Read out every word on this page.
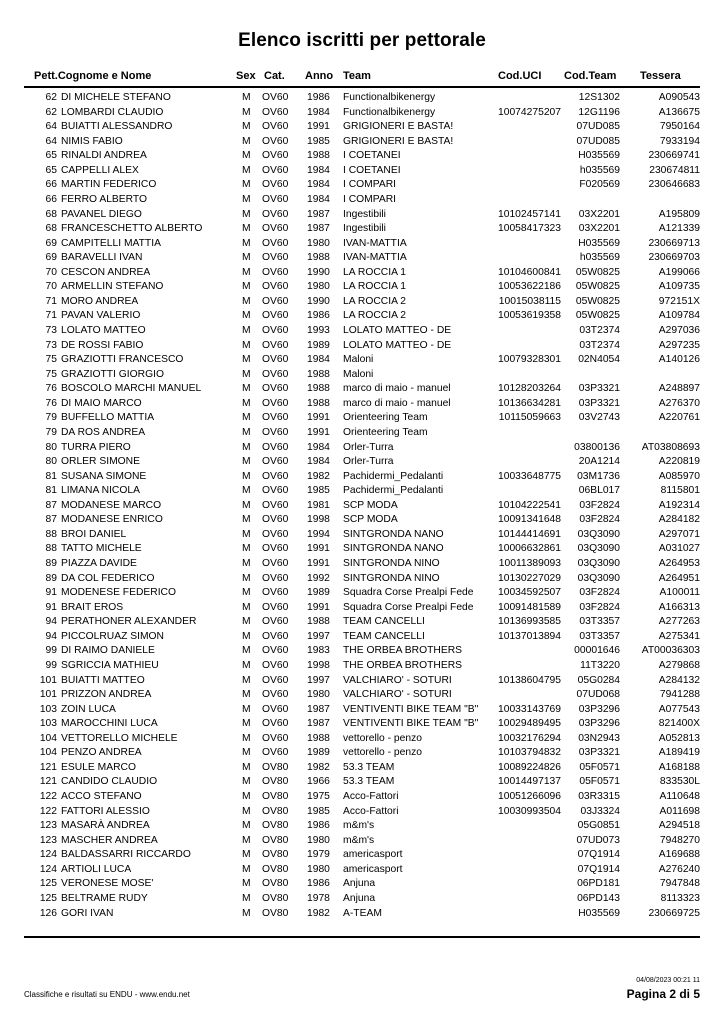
Elenco iscritti per pettorale
Pett.Cognome e Nome	Sex Cat. Anno Team	Cod.UCI Cod.Team Tessera
62 DI MICHELE STEFANO	M OV60 1986 Functionalbikenergy	12S1302	A090543
62 LOMBARDI CLAUDIO	M OV60 1984 Functionalbikenergy	10074275207 12G1196	A136675
64 BUIATTI ALESSANDRO	M OV60 1991 GRIGIONERI E BASTA!	07UD085	7950164
64 NIMIS FABIO	M OV60 1985 GRIGIONERI E BASTA!	07UD085	7933194
65 RINALDI ANDREA	M OV60 1988 I COETANEI	H035569	230669741
65 CAPPELLI ALEX	M OV60 1984 I COETANEI	h035569	230674811
66 MARTIN FEDERICO	M OV60 1984 I COMPARI	F020569	230646683
66 FERRO ALBERTO	M OV60 1984 I COMPARI
68 PAVANEL DIEGO	M OV60 1987 Ingestibili	10102457141 03X2201	A195809
68 FRANCESCHETTO ALBERTO	M OV60 1987 Ingestibili	10058417323 03X2201	A121339
69 CAMPITELLI MATTIA	M OV60 1980 IVAN-MATTIA	H035569	230669713
69 BARAVELLI IVAN	M OV60 1988 IVAN-MATTIA	h035569	230669703
70 CESCON ANDREA	M OV60 1990 LA ROCCIA 1	10104600841 05W0825	A199066
70 ARMELLIN STEFANO	M OV60 1980 LA ROCCIA 1	10053622186 05W0825	A109735
71 MORO ANDREA	M OV60 1990 LA ROCCIA 2	10015038115 05W0825	972151X
71 PAVAN VALERIO	M OV60 1986 LA ROCCIA 2	10053619358 05W0825	A109784
73 LOLATO MATTEO	M OV60 1993 LOLATO MATTEO - DE	03T2374	A297036
73 DE ROSSI FABIO	M OV60 1989 LOLATO MATTEO - DE	03T2374	A297235
75 GRAZIOTTI FRANCESCO	M OV60 1984 Maloni	10079328301 02N4054	A140126
75 GRAZIOTTI GIORGIO	M OV60 1988 Maloni
76 BOSCOLO MARCHI MANUEL	M OV60 1988 marco di maio - manuel	10128203264 03P3321	A248897
76 DI MAIO MARCO	M OV60 1988 marco di maio - manuel	10136634281 03P3321	A276370
79 BUFFELLO MATTIA	M OV60 1991 Orienteering Team	10115059663 03V2743	A220761
79 DA ROS ANDREA	M OV60 1991 Orienteering Team
80 TURRA PIERO	M OV60 1984 Orler-Turra	03800136 AT03808693
80 ORLER SIMONE	M OV60 1984 Orler-Turra	20A1214	A220819
81 SUSANA SIMONE	M OV60 1982 Pachidermi_Pedalanti	10033648775 03M1736	A085970
81 LIMANA NICOLA	M OV60 1985 Pachidermi_Pedalanti	06BL017	8115801
87 MODANESE MARCO	M OV60 1981 SCP MODA	10104222541 03F2824	A192314
87 MODANESE ENRICO	M OV60 1998 SCP MODA	10091341648 03F2824	A284182
88 BROI DANIEL	M OV60 1994 SINTGRONDA NANO	10144414691 03Q3090	A297071
88 TATTO MICHELE	M OV60 1991 SINTGRONDA NANO	10006632861 03Q3090	A031027
89 PIAZZA DAVIDE	M OV60 1991 SINTGRONDA NINO	10011389093 03Q3090	A264953
89 DA COL FEDERICO	M OV60 1992 SINTGRONDA NINO	10130227029 03Q3090	A264951
91 MODENESE FEDERICO	M OV60 1989 Squadra Corse Prealpi Fede 10034592507 03F2824	A100011
91 BRAIT EROS	M OV60 1991 Squadra Corse Prealpi Fede 10091481589 03F2824	A166313
94 PERATHONER ALEXANDER	M OV60 1988 TEAM CANCELLI	10136993585 03T3357	A277263
94 PICCOLRUAZ SIMON	M OV60 1997 TEAM CANCELLI	10137013894 03T3357	A275341
99 DI RAIMO DANIELE	M OV60 1983 THE ORBEA BROTHERS	00001646 AT00036303
99 SGRICCIA MATHIEU	M OV60 1998 THE ORBEA BROTHERS	11T3220	A279868
101 BUIATTI MATTEO	M OV60 1997 VALCHIARO' - SOTURI	10138604795 05G0284	A284132
101 PRIZZON ANDREA	M OV60 1980 VALCHIARO' - SOTURI	07UD068	7941288
103 ZOIN LUCA	M OV60 1987 VENTIVENTI BIKE TEAM "B" 10033143769 03P3296	A077543
103 MAROCCHINI LUCA	M OV60 1987 VENTIVENTI BIKE TEAM "B" 10029489495 03P3296	821400X
104 VETTORELLO MICHELE	M OV60 1988 vettorello - penzo	10032176294 03N2943	A052813
104 PENZO ANDREA	M OV60 1989 vettorello - penzo	10103794832 03P3321	A189419
121 ESULE MARCO	M OV80 1982 53.3 TEAM	10089224826 05F0571	A168188
121 CANDIDO CLAUDIO	M OV80 1966 53.3 TEAM	10014497137 05F0571	833530L
122 ACCO STEFANO	M OV80 1975 Acco-Fattori	10051266096 03R3315	A110648
122 FATTORI ALESSIO	M OV80 1985 Acco-Fattori	10030993504 03J3324	A011698
123 MASARÀ ANDREA	M OV80 1986 m&m's	05G0851	A294518
123 MASCHER ANDREA	M OV80 1980 m&m's	07UD073	7948270
124 BALDASSARRI RICCARDO	M OV80 1979 americasport	07Q1914	A169688
124 ARTIOLI LUCA	M OV80 1980 americasport	07Q1914	A276240
125 VERONESE MOSE'	M OV80 1986 Anjuna	06PD181	7947848
125 BELTRAME RUDY	M OV80 1978 Anjuna	06PD143	8113323
126 GORI IVAN	M OV80 1982 A-TEAM	H035569	230669725
04/08/2023 00:21 11
Classifiche e risultati su ENDU - www.endu.net	Pagina 2 di 5
